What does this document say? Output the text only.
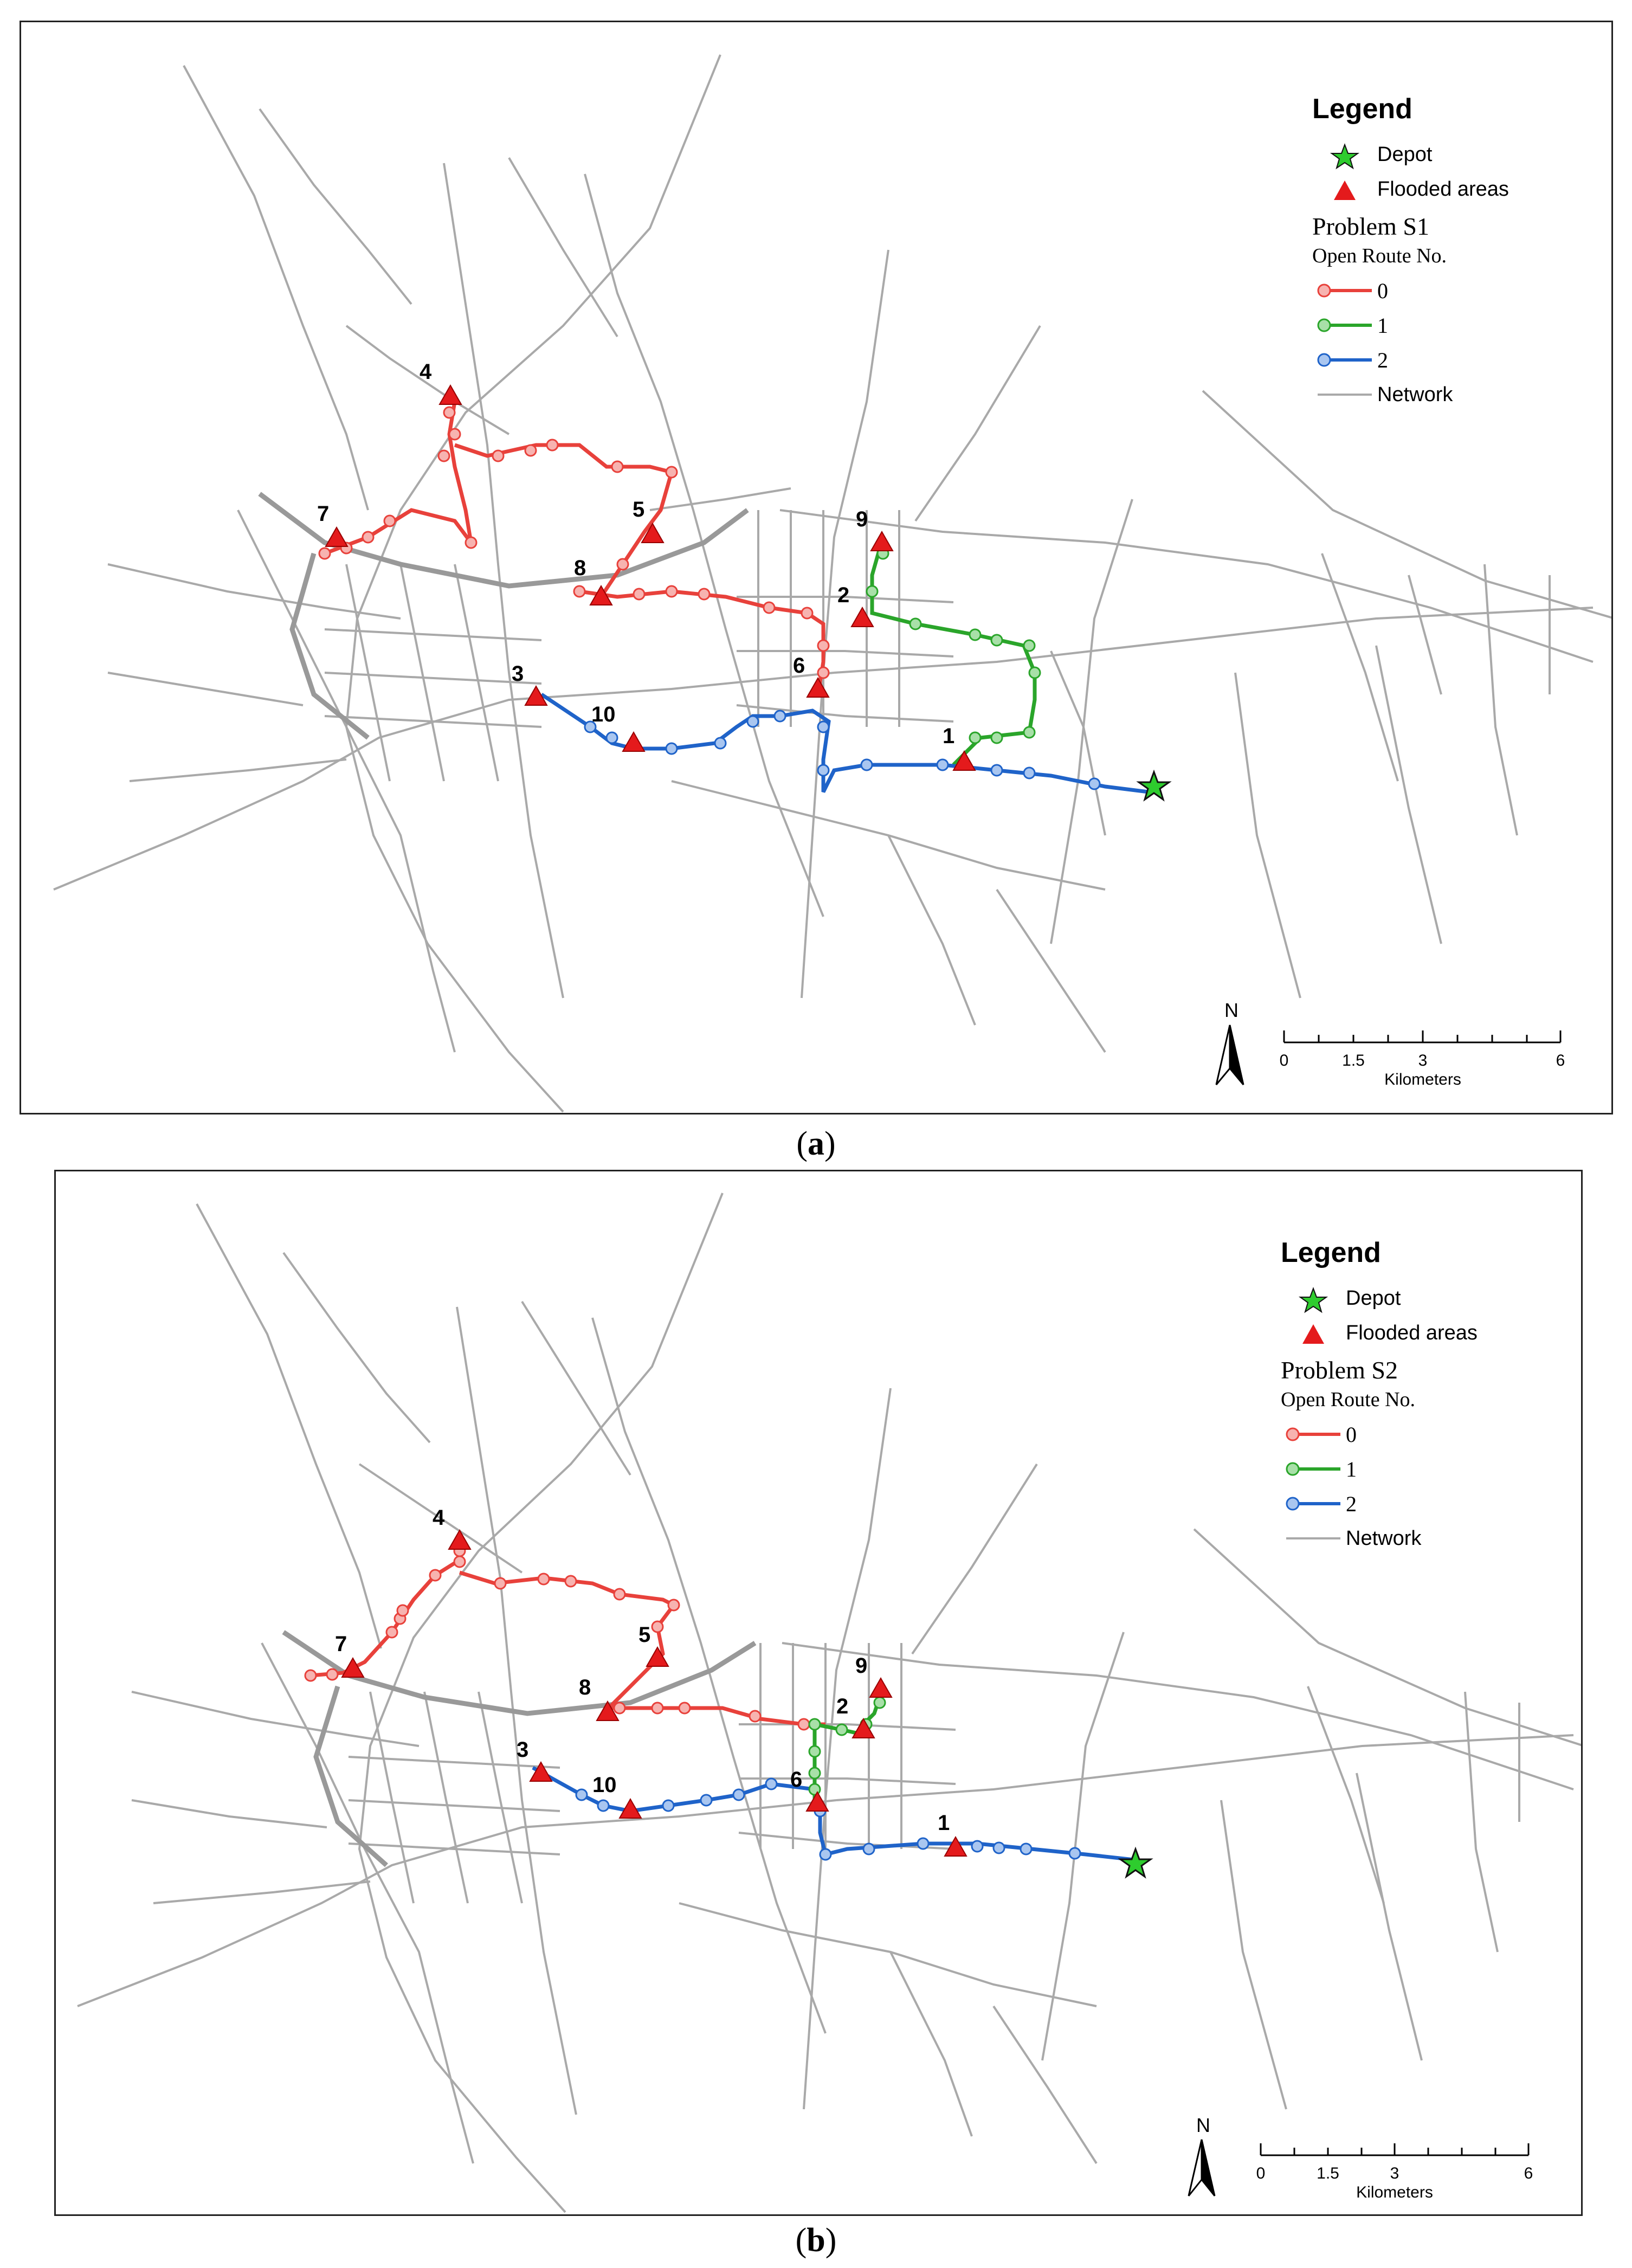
1
2
3
4
5
6
7
8
9
10
N
0	1.5	3	6
Kilometers
Legend
Depot
Flooded areas
Problem S1
Open Route No.
0
1
2
Network
(a)
1
2
3
4
5
6
7
8
9
10
N
0	1.5	3	6
Kilometers
Legend
Depot
Flooded areas
Problem S2
Open Route No.
0
1
2
Network
(b)
